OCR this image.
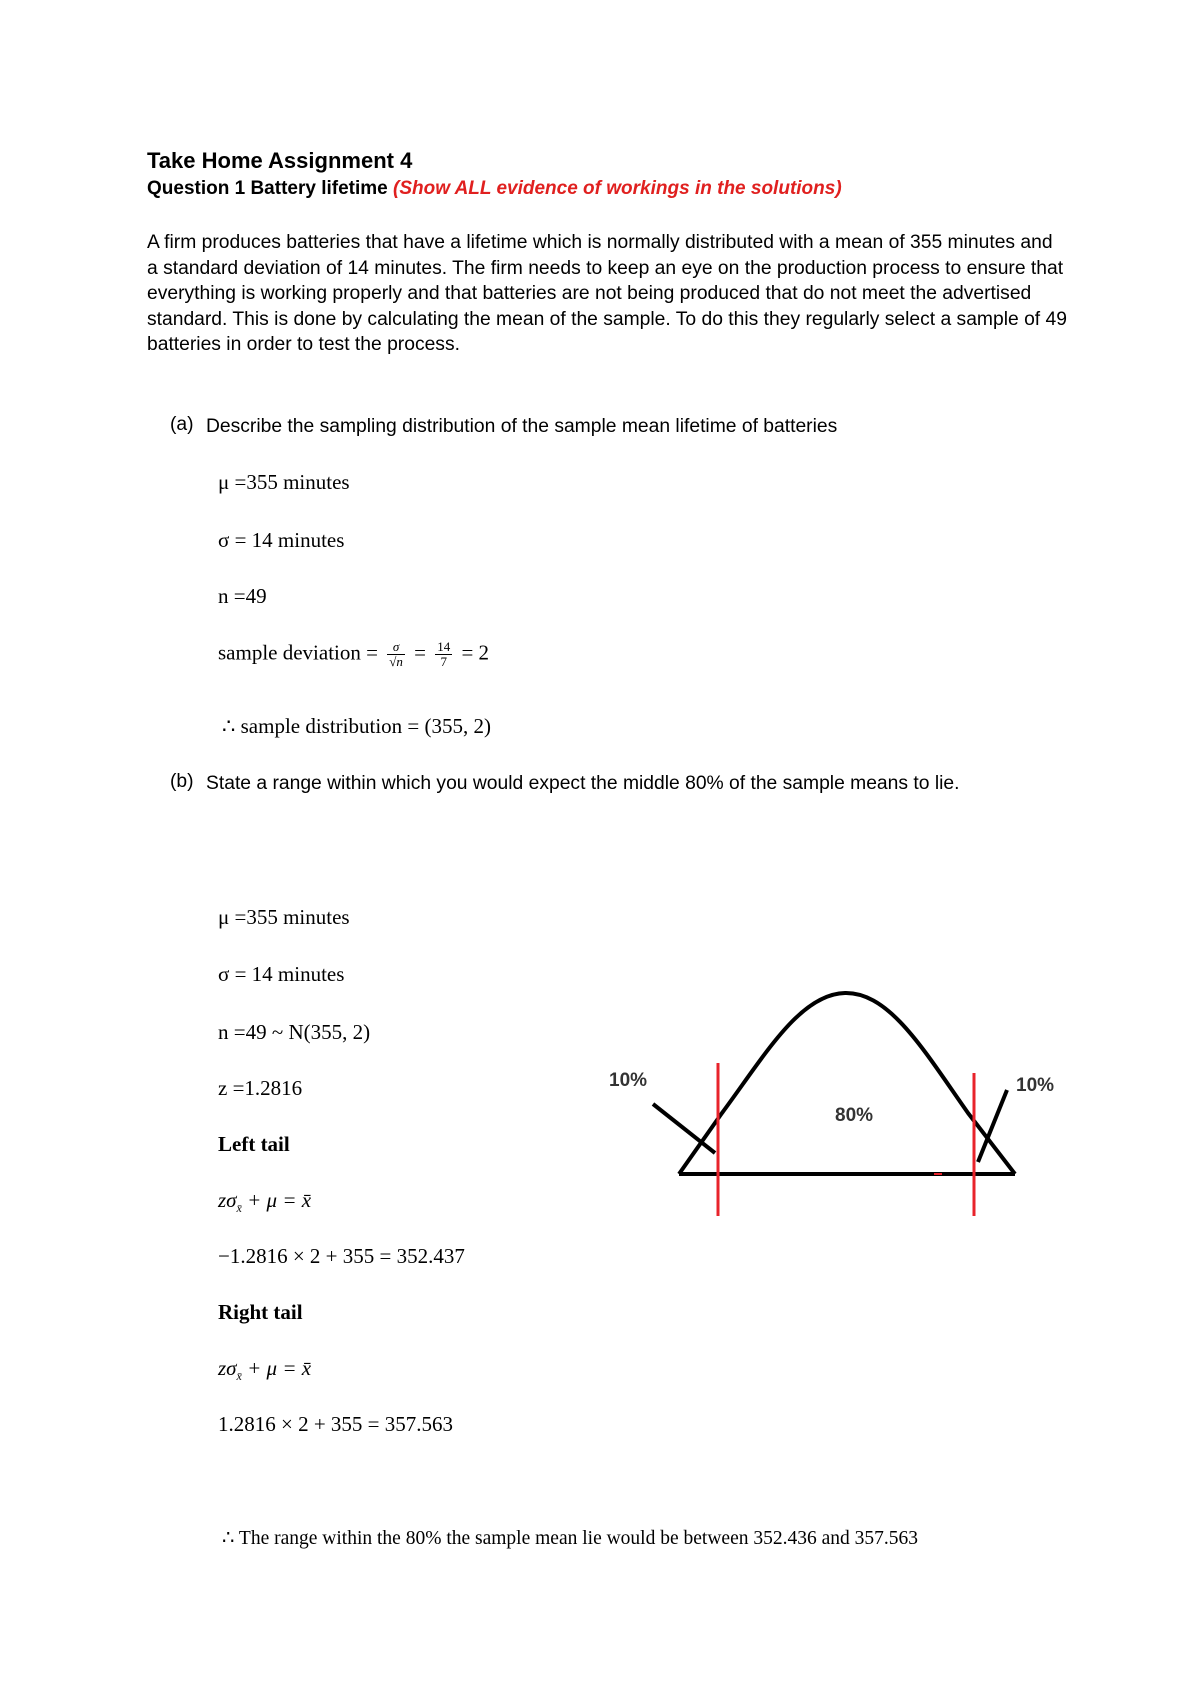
Take Home Assignment 4
Question 1 Battery lifetime (Show ALL evidence of workings in the solutions)
A firm produces batteries that have a lifetime which is normally distributed with a mean of 355 minutes and a standard deviation of 14 minutes. The firm needs to keep an eye on the production process to ensure that everything is working properly and that batteries are not being produced that do not meet the advertised standard. This is done by calculating the mean of the sample. To do this they regularly select a sample of 49 batteries in order to test the process.
(a) Describe the sampling distribution of the sample mean lifetime of batteries
μ =355 minutes
σ = 14 minutes
n =49
sample deviation = $\frac{\sigma}{√n} = \frac{14}{7} = 2$
∴ sample distribution = (355, 2)
(b) State a range within which you would expect the middle 80% of the sample means to lie.
μ =355 minutes
σ = 14 minutes
n =49 ~ N(355, 2)
z =1.2816
Left tail
$z\sigma_{x̄} + \mu$ = x̄
−1.2816 × 2 + 355 = 352.437
Right tail
$z\sigma_{x̄} + \mu$ = x̄
1.2816 × 2 + 355 = 357.563
∴ The range within the 80% the sample mean lie would be between 352.436 and 357.563
10%
80%
10%
